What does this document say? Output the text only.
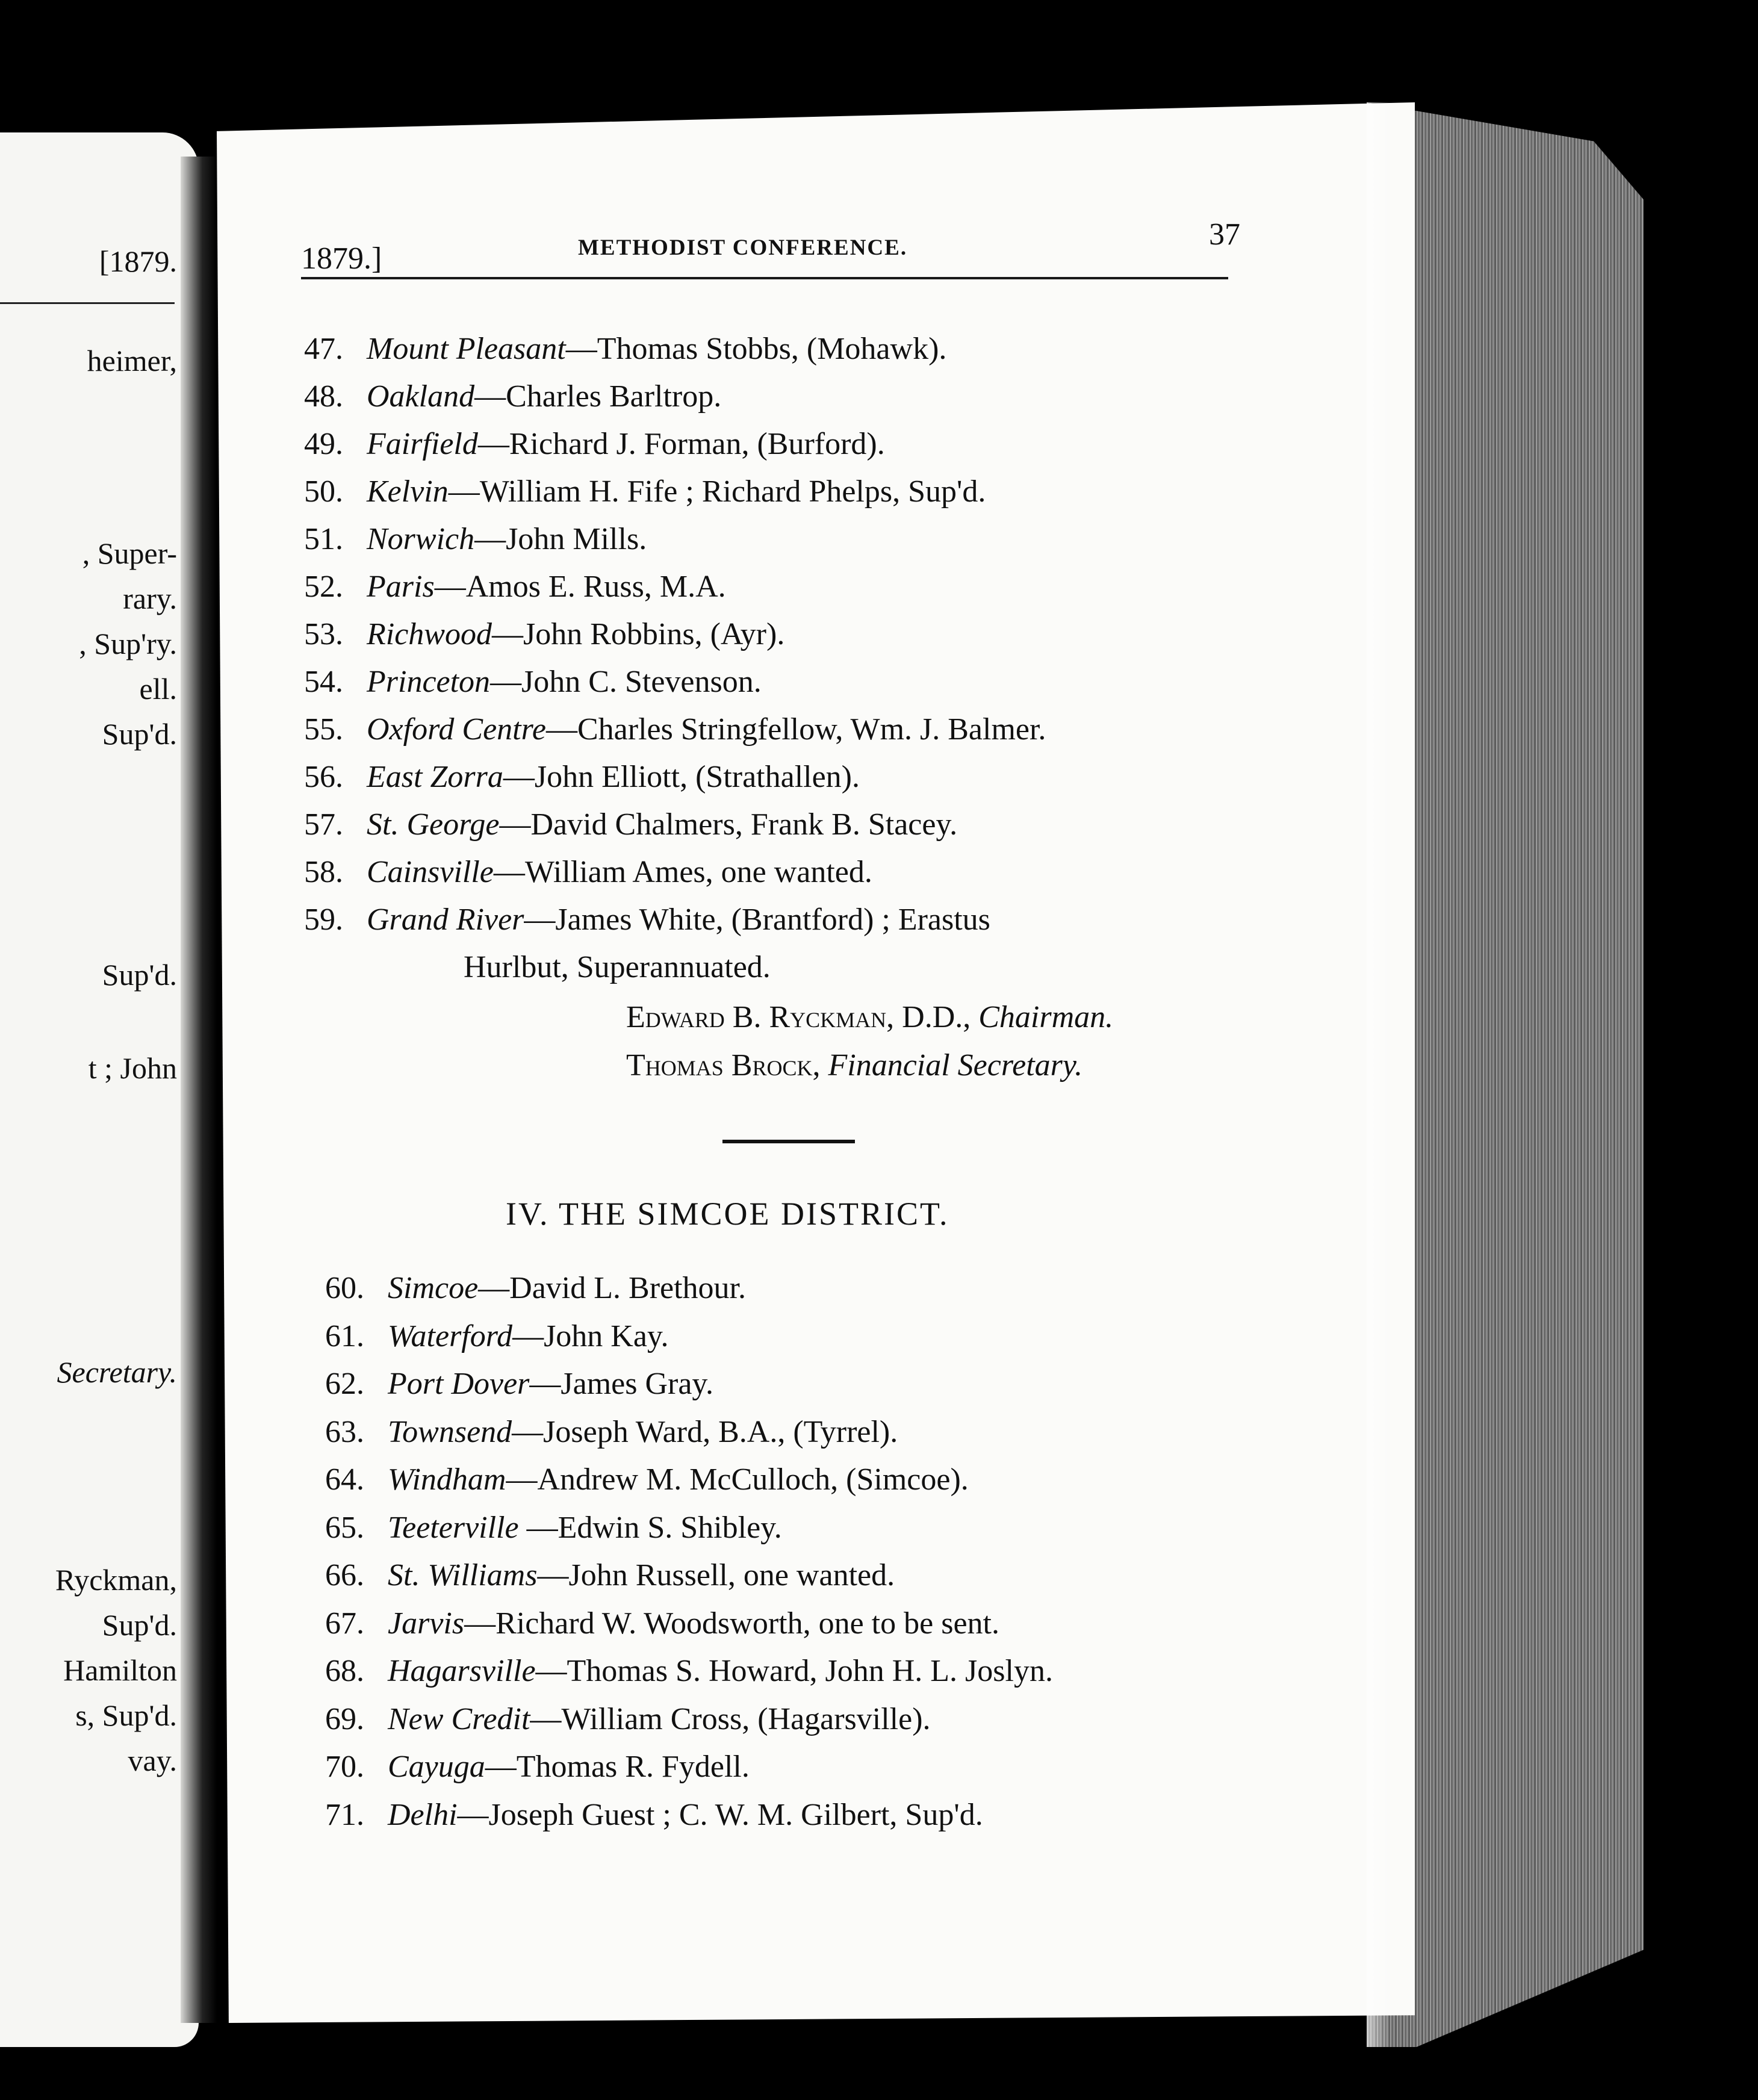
[1879.
heimer,
, Super-
rary.
, Sup'ry.
ell.
Sup'd.
Sup'd.
t ; John
Secretary.
Ryckman,
Sup'd.
Hamilton
s, Sup'd.
vay.
1879.]	METHODIST CONFERENCE.	37
47. Mount Pleasant—Thomas Stobbs, (Mohawk).
48. Oakland—Charles Barltrop.
49. Fairfield—Richard J. Forman, (Burford).
50. Kelvin—William H. Fife ; Richard Phelps, Sup'd.
51. Norwich—John Mills.
52. Paris—Amos E. Russ, M.A.
53. Richwood—John Robbins, (Ayr).
54. Princeton—John C. Stevenson.
55. Oxford Centre—Charles Stringfellow, Wm. J. Balmer.
56. East Zorra—John Elliott, (Strathallen).
57. St. George—David Chalmers, Frank B. Stacey.
58. Cainsville—William Ames, one wanted.
59. Grand River—James White, (Brantford) ; Erastus
Hurlbut, Superannuated.
Edward B. Ryckman, D.D., Chairman.
Thomas Brock, Financial Secretary.
IV. THE SIMCOE DISTRICT.
60. Simcoe—David L. Brethour.
61. Waterford—John Kay.
62. Port Dover—James Gray.
63. Townsend—Joseph Ward, B.A., (Tyrrel).
64. Windham—Andrew M. McCulloch, (Simcoe).
65. Teeterville —Edwin S. Shibley.
66. St. Williams—John Russell, one wanted.
67. Jarvis—Richard W. Woodsworth, one to be sent.
68. Hagarsville—Thomas S. Howard, John H. L. Joslyn.
69. New Credit—William Cross, (Hagarsville).
70. Cayuga—Thomas R. Fydell.
71. Delhi—Joseph Guest ; C. W. M. Gilbert, Sup'd.
